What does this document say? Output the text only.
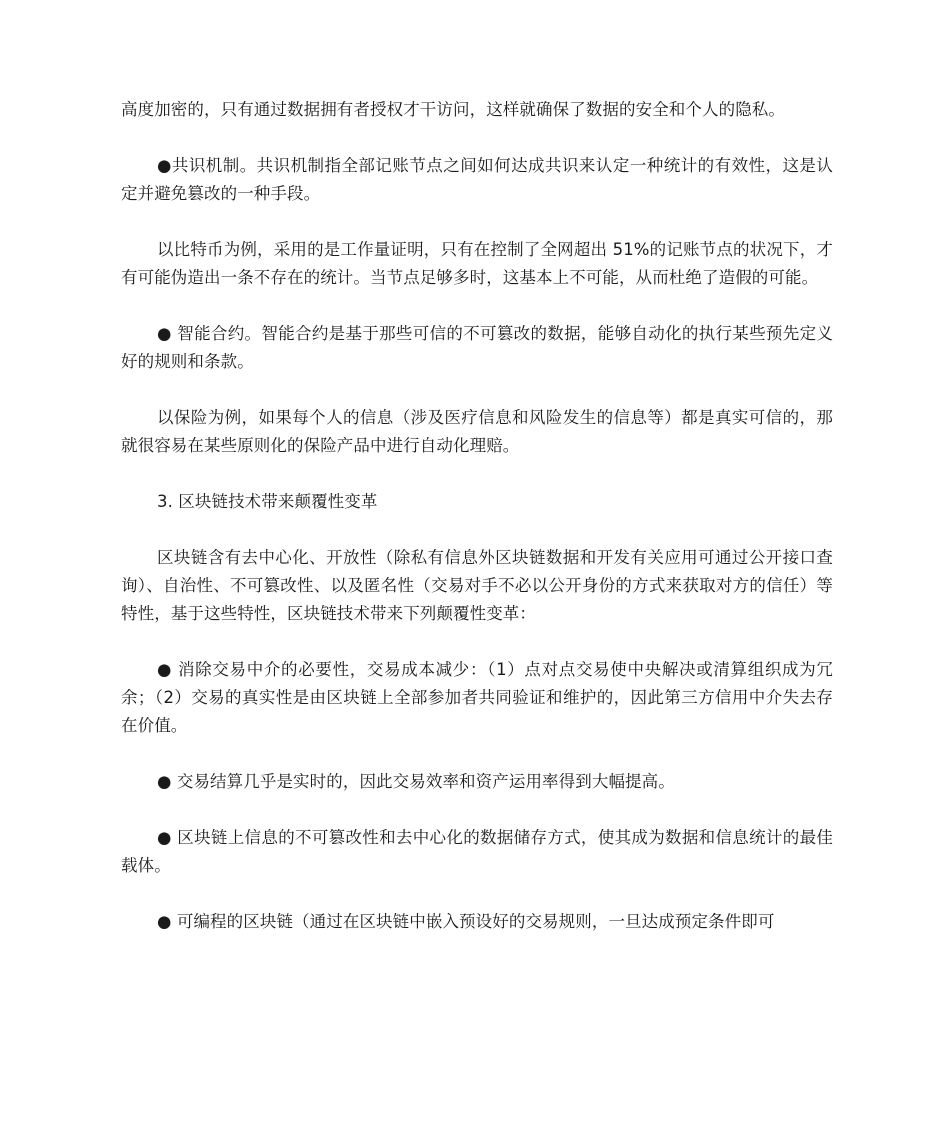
高度加密的，只有通过数据拥有者授权才干访问，这样就确保了数据的安全和个人的隐私。

●共识机制。共识机制指全部记账节点之间如何达成共识来认定一种统计的有效性，这是认定并避免篡改的一种手段。

以比特币为例，采用的是工作量证明，只有在控制了全网超出 51%的记账节点的状况下，才有可能伪造出一条不存在的统计。当节点足够多时，这基本上不可能，从而杜绝了造假的可能。

● 智能合约。智能合约是基于那些可信的不可篡改的数据，能够自动化的执行某些预先定义好的规则和条款。

以保险为例，如果每个人的信息（涉及医疗信息和风险发生的信息等）都是真实可信的，那就很容易在某些原则化的保险产品中进行自动化理赔。

3. 区块链技术带来颠覆性变革

区块链含有去中心化、开放性（除私有信息外区块链数据和开发有关应用可通过公开接口查询）、自治性、不可篡改性、以及匿名性（交易对手不必以公开身份的方式来获取对方的信任）等特性，基于这些特性，区块链技术带来下列颠覆性变革：

● 消除交易中介的必要性，交易成本减少：（1）点对点交易使中央解决或清算组织成为冗余；（2）交易的真实性是由区块链上全部参加者共同验证和维护的，因此第三方信用中介失去存在价值。

● 交易结算几乎是实时的，因此交易效率和资产运用率得到大幅提高。

● 区块链上信息的不可篡改性和去中心化的数据储存方式，使其成为数据和信息统计的最佳载体。

● 可编程的区块链（通过在区块链中嵌入预设好的交易规则，一旦达成预定条件即可
